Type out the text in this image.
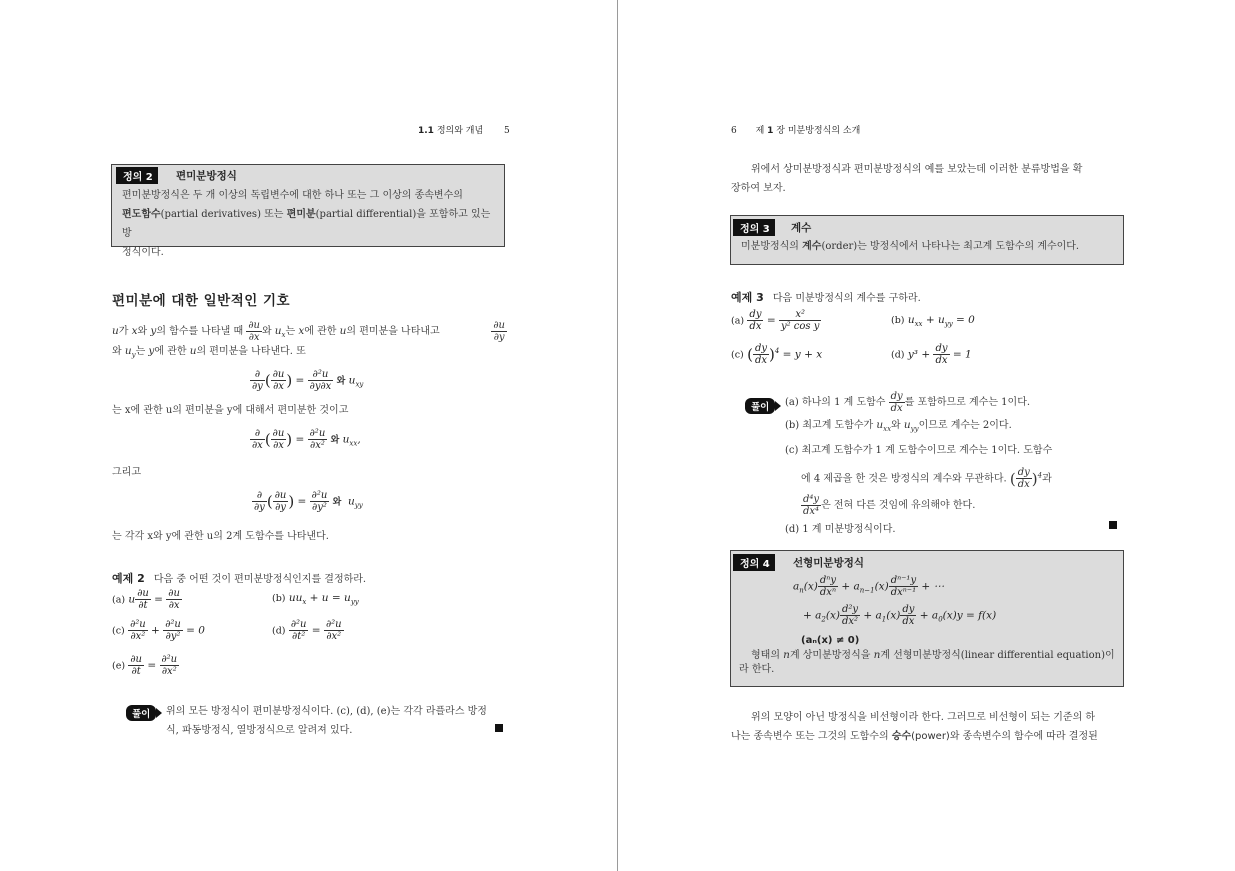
1.1 정의와 개념 5
정의 2	편미분방정식
편미분방정식은 두 개 이상의 독립변수에 대한 하나 또는 그 이상의 종속변수의
편도함수(partial derivatives) 또는 편미분(partial differential)을 포함하고 있는 방
정식이다.
편미분에 대한 일반적인 기호
u가 x와 y의 함수를 나타낼 때 $\frac{\partial u}{\partial x}$ 와 $u_x$는 x에 관한 u의 편미분을 나타내고	$\frac{\partial u}{\partial y}$
와 $u_y$는 y에 관한 u의 편미분을 나타낸다. 또
$\frac{\partial}{\partial y}$ ( $\frac{\partial u}{\partial x}$ ) = $\frac{\text{∂²u}}{\partial y\partial x}$ 와 $u_{xy}$
는 x에 관한 u의 편미분을 y에 대해서 편미분한 것이고
$\frac{\partial}{\partial x}$ ( $\frac{\partial u}{\partial x}$ ) = $\frac{\text{∂²u}}{\text{∂x²}}$ 와 $u_{xx}$,
그리고
$\frac{\partial}{\partial y}$ ( $\frac{\partial u}{\partial y}$ ) = $\frac{\text{∂²u}}{\text{∂y²}}$ 와  $u_{yy}$
는 각각 x와 y에 관한 u의 2계 도함수를 나타낸다.
예제 2 다음 중 어떤 것이 편미분방정식인지를 결정하라.
(a) u $\frac{\partial u}{\partial t} = \frac{\partial u}{\partial x}$	(b) $uu_x + u = u_{yy}$
$(c) \frac{\text{∂²u}}{\text{∂x²}} + \frac{\text{∂²u}}{\text{∂y²}} = 0$	$(d) \frac{\text{∂²u}}{\text{∂t²}} = \frac{\text{∂²u}}{\text{∂x²}}$
$(e) \frac{\partial u}{\partial t} = \frac{\text{∂²u}}{\text{∂x²}}$
풀이	위의 모든 방정식이 편미분방정식이다. (c), (d), (e)는 각각 라플라스 방정
식, 파동방정식, 열방정식으로 알려져 있다.
6 제 1 장 미분방정식의 소개
위에서 상미분방정식과 편미분방정식의 예를 보았는데 이러한 분류방법을 확
장하여 보자.
정의 3	계수
미분방정식의 계수(order)는 방정식에서 나타나는 최고계 도함수의 계수이다.
예제 3 다음 미분방정식의 계수를 구하라.
$(a) \frac{dy}{dx} = \frac{\text{x²}}{\text{y² cos y}}$	(b) $u_{xx} + u_{yy} = 0$
(c) ( $\frac{dy}{dx} )^4 = y + x$	(d) $y^3 + \frac{dy}{dx} = 1$
풀이	(a) 하나의 1 계 도함수 $\frac{dy}{dx}$ 를 포함하므로 계수는 1이다.
(b) 최고계 도함수가 $u_{xx}$와 $u_{yy}$이므로 계수는 2이다.
(c) 최고계 도함수가 1 계 도함수이므로 계수는 1이다. 도함수
에 4 제곱을 한 것은 방정식의 계수와 무관하다. ( $\frac{dy}{dx} )^4$과
$\frac{\text{d⁴y}}{\text{dx⁴}}$ 은 전혀 다른 것임에 유의해야 한다.
(d) 1 계 미분방정식이다.
정의 4	선형미분방정식
$a_n(x) \frac{\text{dⁿy}}{\text{dxⁿ}} + a_{n-1}(x) \frac{\text{dⁿ⁻¹y}}{\text{dxⁿ⁻¹}}$ + ⋯
+ $a_2(x) \frac{\text{d²y}}{\text{dx²}} + a_1(x) \frac{dy}{dx} + a_0(x)y = f(x)$
(aₙ(x) ≠ 0)
형태의 n계 상미분방정식을 n계 선형미분방정식(linear differential equation)이
라 한다.
위의 모양이 아닌 방정식을 비선형이라 한다. 그러므로 비선형이 되는 기준의 하
나는 종속변수 또는 그것의 도함수의 승수(power)와 종속변수의 함수에 따라 결정된
